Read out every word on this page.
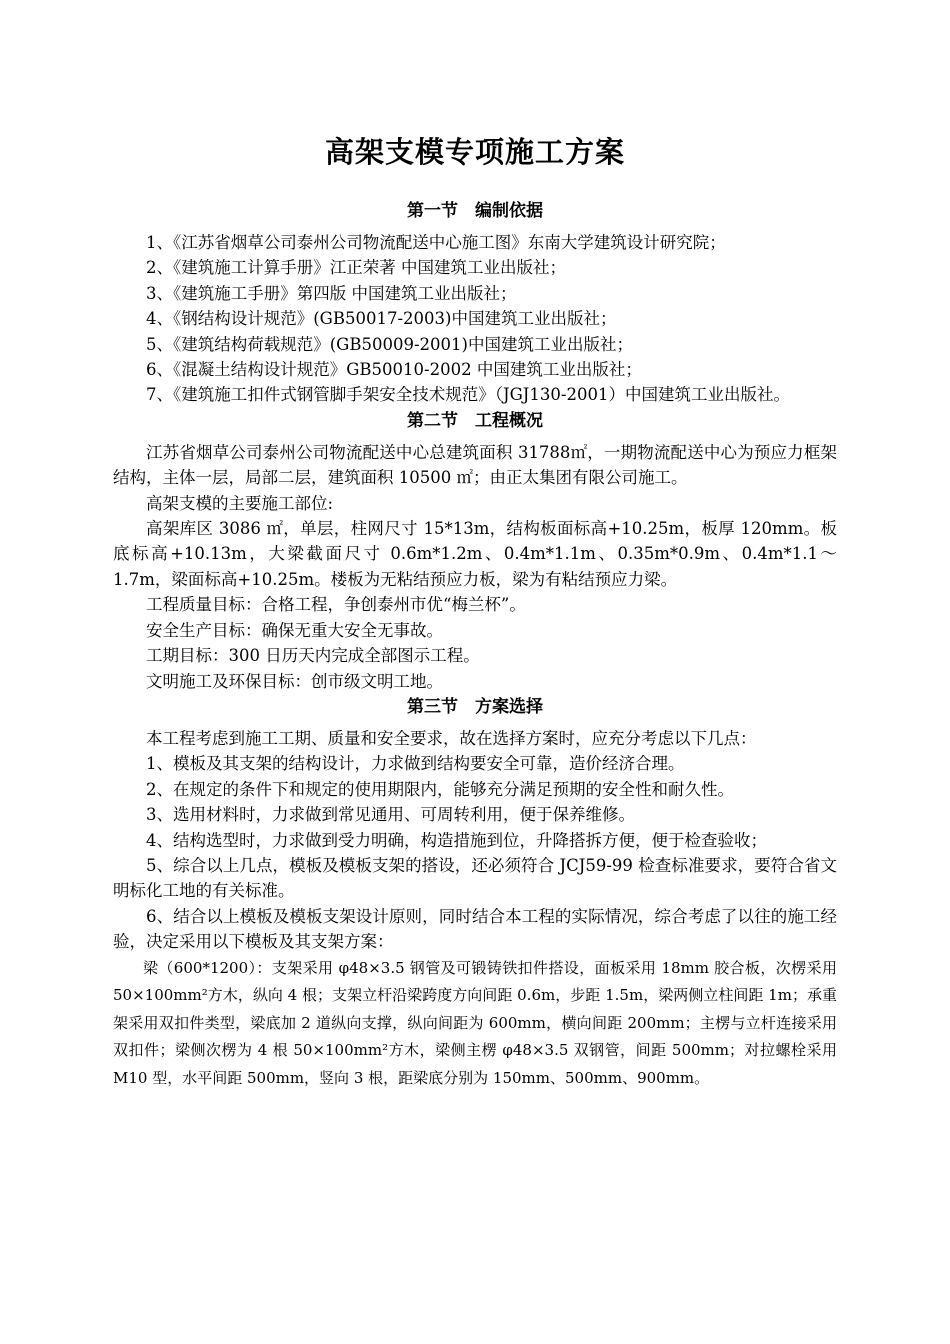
高架支模专项施工方案
第一节　编制依据

1、《江苏省烟草公司泰州公司物流配送中心施工图》东南大学建筑设计研究院；

2、《建筑施工计算手册》江正荣著 中国建筑工业出版社；

3、《建筑施工手册》第四版 中国建筑工业出版社；

4、《钢结构设计规范》(GB50017-2003)中国建筑工业出版社；

5、《建筑结构荷载规范》(GB50009-2001)中国建筑工业出版社；

6、《混凝土结构设计规范》GB50010-2002 中国建筑工业出版社；

7、《建筑施工扣件式钢管脚手架安全技术规范》（JGJ130-2001）中国建筑工业出版社。

第二节　工程概况

江苏省烟草公司泰州公司物流配送中心总建筑面积 31788㎡，一期物流配送中心为预应力框架结构，主体一层，局部二层，建筑面积 10500 ㎡；由正太集团有限公司施工。

高架支模的主要施工部位:

高架库区 3086 ㎡，单层，柱网尺寸 15*13m，结构板面标高+10.25m，板厚 120mm。板底标高+10.13m，大梁截面尺寸 0.6m*1.2m、0.4m*1.1m、0.35m*0.9m、0.4m*1.1～1.7m，梁面标高+10.25m。楼板为无粘结预应力板，梁为有粘结预应力梁。

工程质量目标：合格工程，争创泰州市优“梅兰杯”。

安全生产目标：确保无重大安全无事故。

工期目标：300 日历天内完成全部图示工程。

文明施工及环保目标：创市级文明工地。

第三节　方案选择

本工程考虑到施工工期、质量和安全要求，故在选择方案时，应充分考虑以下几点：

1、模板及其支架的结构设计，力求做到结构要安全可靠，造价经济合理。

2、在规定的条件下和规定的使用期限内，能够充分满足预期的安全性和耐久性。

3、选用材料时，力求做到常见通用、可周转利用，便于保养维修。

4、结构选型时，力求做到受力明确，构造措施到位，升降搭拆方便，便于检查验收；

5、综合以上几点，模板及模板支架的搭设，还必须符合 JCJ59-99 检查标准要求，要符合省文明标化工地的有关标准。

6、结合以上模板及模板支架设计原则，同时结合本工程的实际情况，综合考虑了以往的施工经验，决定采用以下模板及其支架方案：

梁（600*1200）：支架采用 φ48×3.5 钢管及可锻铸铁扣件搭设，面板采用 18mm 胶合板，次楞采用 50×100mm²方木，纵向 4 根；支架立杆沿梁跨度方向间距 0.6m，步距 1.5m，梁两侧立柱间距 1m；承重架采用双扣件类型，梁底加 2 道纵向支撑，纵向间距为 600mm，横向间距 200mm；主楞与立杆连接采用双扣件；梁侧次楞为 4 根 50×100mm²方木，梁侧主楞 φ48×3.5 双钢管，间距 500mm；对拉螺栓采用 M10 型，水平间距 500mm，竖向 3 根，距梁底分别为 150mm、500mm、900mm。
